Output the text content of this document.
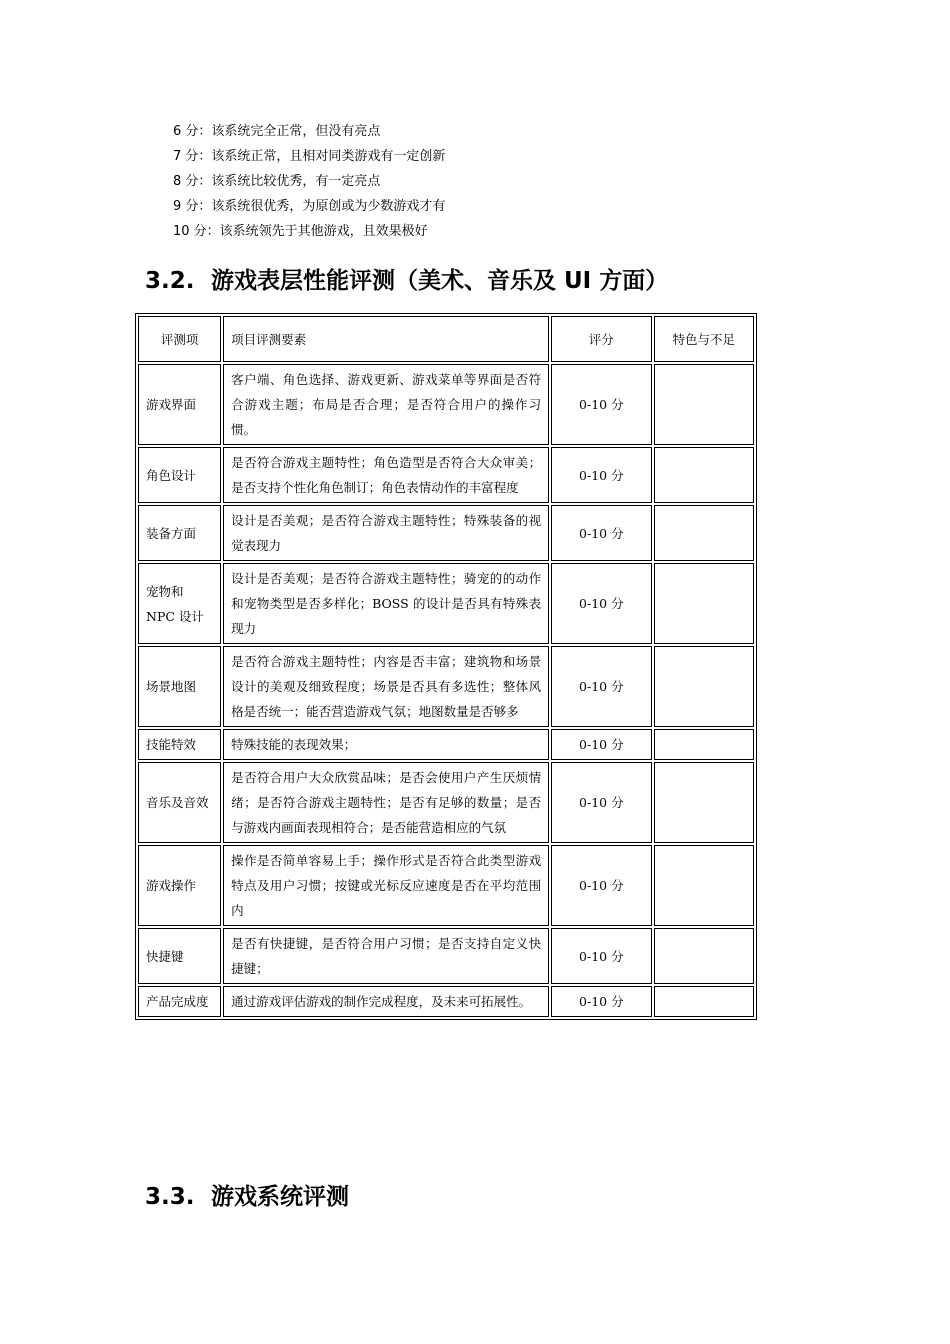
6 分：该系统完全正常，但没有亮点
7 分：该系统正常，且相对同类游戏有一定创新
8 分：该系统比较优秀，有一定亮点
9 分：该系统很优秀，为原创或为少数游戏才有
10 分：该系统领先于其他游戏，且效果极好
3.2. 游戏表层性能评测（美术、音乐及 UI 方面）
评测项	项目评测要素	评分	特色与不足
游戏界面	客户端、角色选择、游戏更新、游戏菜单等界面是否符合游戏主题；布局是否合理；是否符合用户的操作习惯。	0-10 分	
角色设计	是否符合游戏主题特性；角色造型是否符合大众审美；是否支持个性化角色制订；角色表情动作的丰富程度	0-10 分	
装备方面	设计是否美观；是否符合游戏主题特性；特殊装备的视觉表现力	0-10 分	
宠物和 NPC 设计	设计是否美观；是否符合游戏主题特性；骑宠的的动作和宠物类型是否多样化；BOSS 的设计是否具有特殊表现力	0-10 分	
场景地图	是否符合游戏主题特性；内容是否丰富；建筑物和场景设计的美观及细致程度；场景是否具有多选性；整体风格是否统一；能否营造游戏气氛；地图数量是否够多	0-10 分	
技能特效	特殊技能的表现效果；	0-10 分	
音乐及音效	是否符合用户大众欣赏品味；是否会使用户产生厌烦情绪；是否符合游戏主题特性；是否有足够的数量；是否与游戏内画面表现相符合；是否能营造相应的气氛	0-10 分	
游戏操作	操作是否简单容易上手；操作形式是否符合此类型游戏特点及用户习惯；按键或光标反应速度是否在平均范围内	0-10 分	
快捷键	是否有快捷键，是否符合用户习惯；是否支持自定义快捷键；	0-10 分	
产品完成度	通过游戏评估游戏的制作完成程度，及未来可拓展性。	0-10 分	
3.3. 游戏系统评测
